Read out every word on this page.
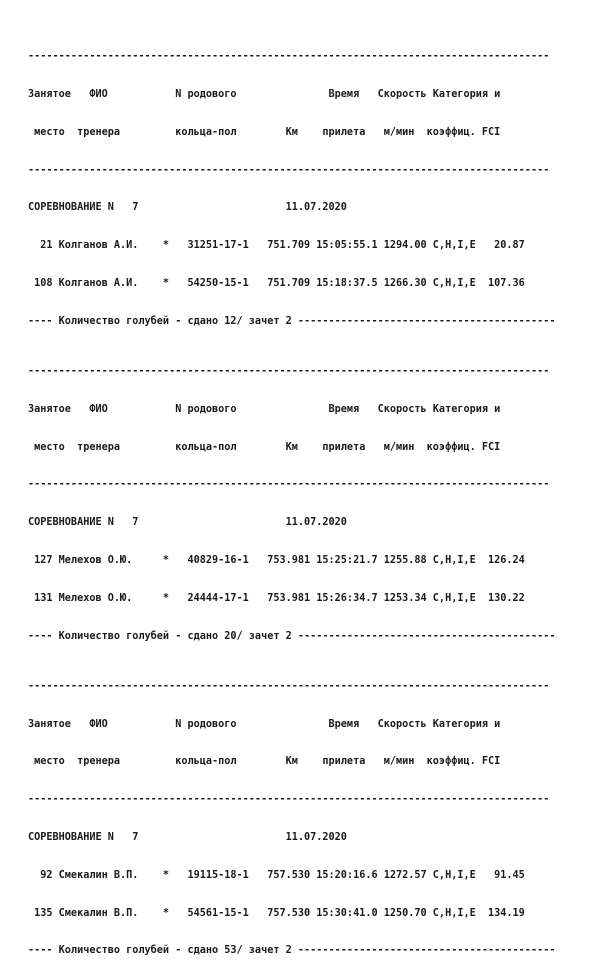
-------------------------------------------------------------------------------------

Занятое   ФИО           N родового               Время   Скорость Категория и

место  тренера         кольца-пол        Км    прилета   м/мин  коэффиц. FCI

-------------------------------------------------------------------------------------

СОРЕВНОВАНИЕ N   7                        11.07.2020

21 Колганов А.И.    *   31251-17-1   751.709 15:05:55.1 1294.00 C,H,I,E   20.87

108 Колганов А.И.    *   54250-15-1   751.709 15:18:37.5 1266.30 C,H,I,E  107.36

---- Количество голубей - сдано 12/ зачет 2 ------------------------------------------

-------------------------------------------------------------------------------------

Занятое   ФИО           N родового               Время   Скорость Категория и

место  тренера         кольца-пол        Км    прилета   м/мин  коэффиц. FCI

-------------------------------------------------------------------------------------

СОРЕВНОВАНИЕ N   7                        11.07.2020

127 Мелехов О.Ю.     *   40829-16-1   753.981 15:25:21.7 1255.88 C,H,I,E  126.24

131 Мелехов О.Ю.     *   24444-17-1   753.981 15:26:34.7 1253.34 C,H,I,E  130.22

---- Количество голубей - сдано 20/ зачет 2 ------------------------------------------

-------------------------------------------------------------------------------------

Занятое   ФИО           N родового               Время   Скорость Категория и

место  тренера         кольца-пол        Км    прилета   м/мин  коэффиц. FCI

-------------------------------------------------------------------------------------

СОРЕВНОВАНИЕ N   7                        11.07.2020

92 Смекалин В.П.    *   19115-18-1   757.530 15:20:16.6 1272.57 C,H,I,E   91.45

135 Смекалин В.П.    *   54561-15-1   757.530 15:30:41.0 1250.70 C,H,I,E  134.19

---- Количество голубей - сдано 53/ зачет 2 ------------------------------------------
